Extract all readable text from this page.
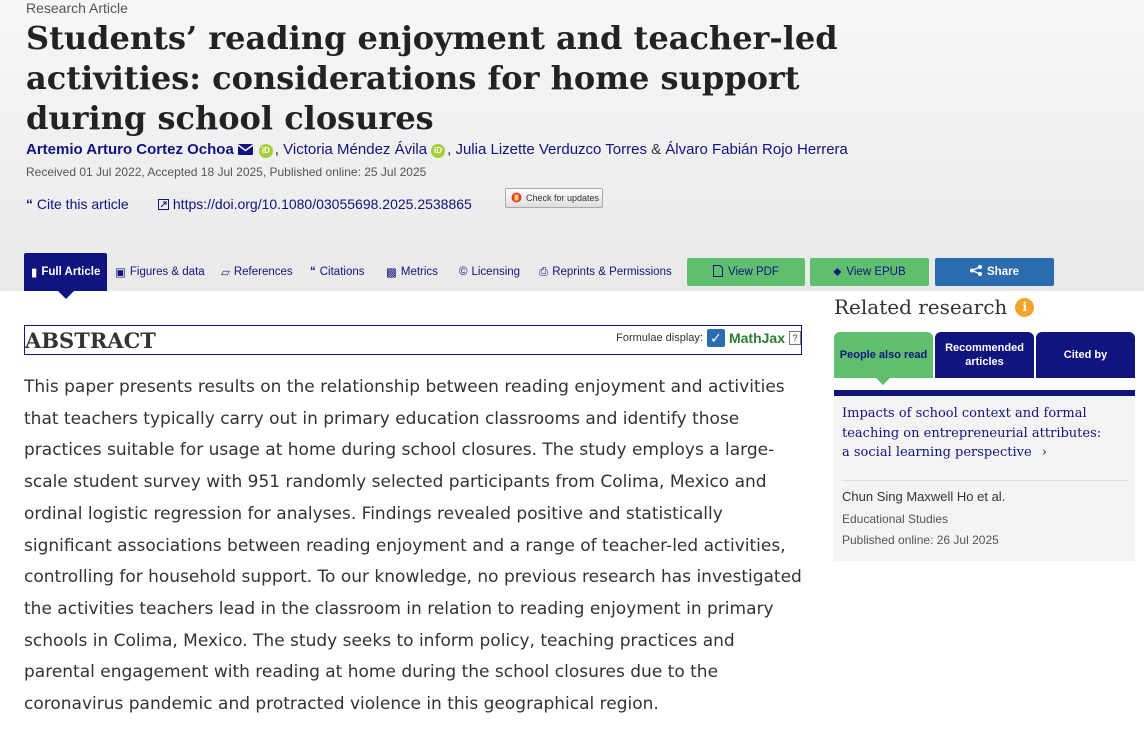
Research Article
Students’ reading enjoyment and teacher-led activities: considerations for home support during school closures
Artemio Arturo Cortez Ochoa	iD , Victoria Méndez Ávila iD , Julia Lizette Verduzco Torres & Álvaro Fabián Rojo Herrera
Received 01 Jul 2022, Accepted 18 Jul 2025, Published online: 25 Jul 2025
“ Cite this article	https://doi.org/10.1080/03055698.2025.2538865	Check for updates
▮ Full Article ▣ Figures & data ▱ References “ Citations ▩ Metrics © Licensing ⎙ Reprints & Permissions	View PDF	⬥ View EPUB	Share
ABSTRACT	Formulae display: ✓ MathJax ?

This paper presents results on the relationship between reading enjoyment and activities that teachers typically carry out in primary education classrooms and identify those practices suitable for usage at home during school closures. The study employs a large-scale student survey with 951 randomly selected participants from Colima, Mexico and ordinal logistic regression for analyses. Findings revealed positive and statistically significant associations between reading enjoyment and a range of teacher-led activities, controlling for household support. To our knowledge, no previous research has investigated the activities teachers lead in the classroom in relation to reading enjoyment in primary schools in Colima, Mexico. The study seeks to inform policy, teaching practices and parental engagement with reading at home during the school closures due to the coronavirus pandemic and protracted violence in this geographical region.

Related research	i
People also read
Recommended articles
Cited by
Impacts of school context and formal teaching on entrepreneurial attributes: a social learning perspective ›
Chun Sing Maxwell Ho et al.
Educational Studies
Published online: 26 Jul 2025
